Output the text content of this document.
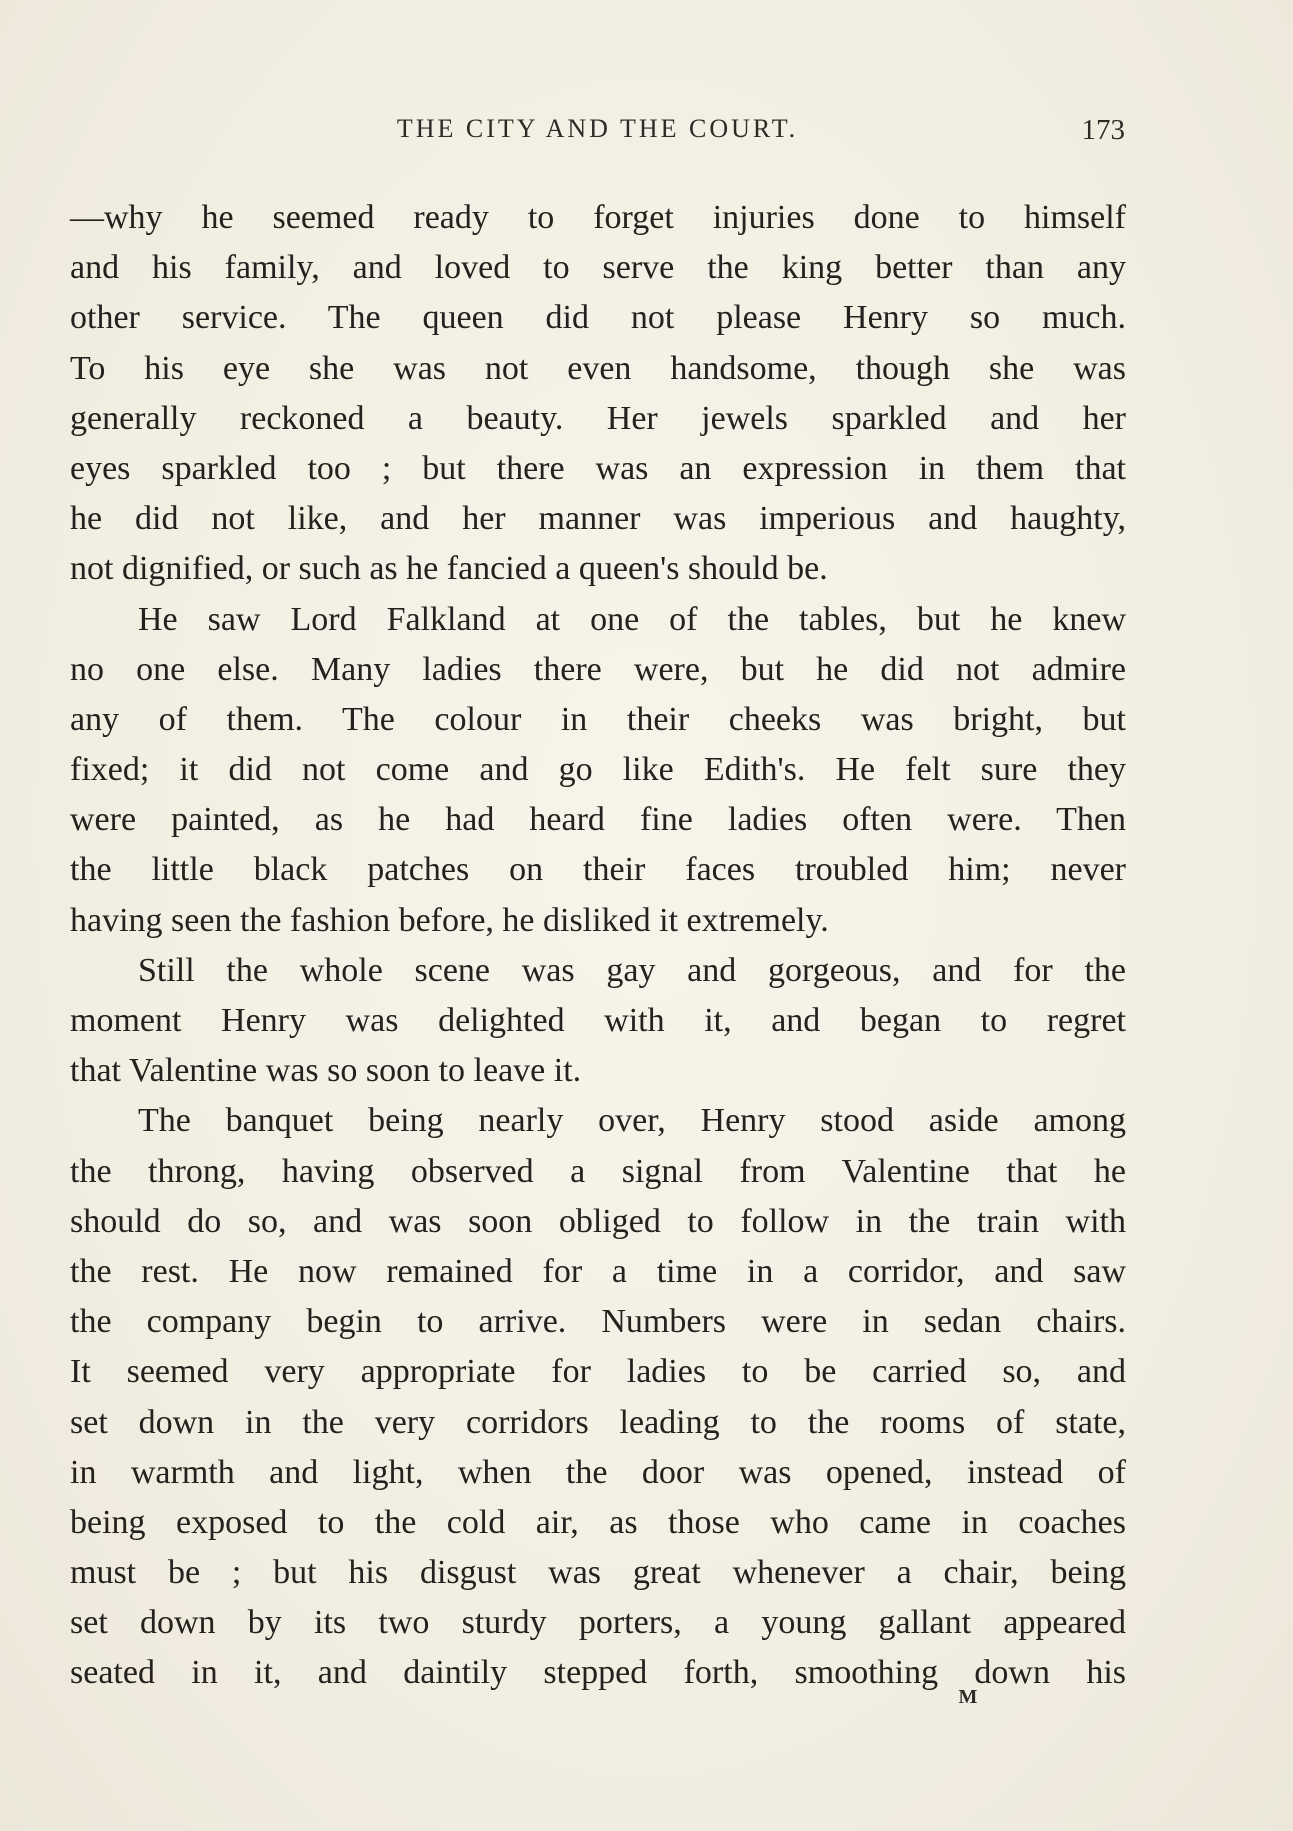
THE CITY AND THE COURT.	173
—why he seemed ready to forget injuries done to himself
and his family, and loved to serve the king better than any
other service. The queen did not please Henry so much.
To his eye she was not even handsome, though she was
generally reckoned a beauty. Her jewels sparkled and her
eyes sparkled too ; but there was an expression in them that
he did not like, and her manner was imperious and haughty,
not dignified, or such as he fancied a queen's should be.
He saw Lord Falkland at one of the tables, but he knew
no one else. Many ladies there were, but he did not admire
any of them. The colour in their cheeks was bright, but
fixed; it did not come and go like Edith's. He felt sure they
were painted, as he had heard fine ladies often were. Then
the little black patches on their faces troubled him; never
having seen the fashion before, he disliked it extremely.
Still the whole scene was gay and gorgeous, and for the
moment Henry was delighted with it, and began to regret
that Valentine was so soon to leave it.
The banquet being nearly over, Henry stood aside among
the throng, having observed a signal from Valentine that he
should do so, and was soon obliged to follow in the train with
the rest. He now remained for a time in a corridor, and saw
the company begin to arrive. Numbers were in sedan chairs.
It seemed very appropriate for ladies to be carried so, and
set down in the very corridors leading to the rooms of state,
in warmth and light, when the door was opened, instead of
being exposed to the cold air, as those who came in coaches
must be ; but his disgust was great whenever a chair, being
set down by its two sturdy porters, a young gallant appeared
seated in it, and daintily stepped forth, smoothing down his
M
